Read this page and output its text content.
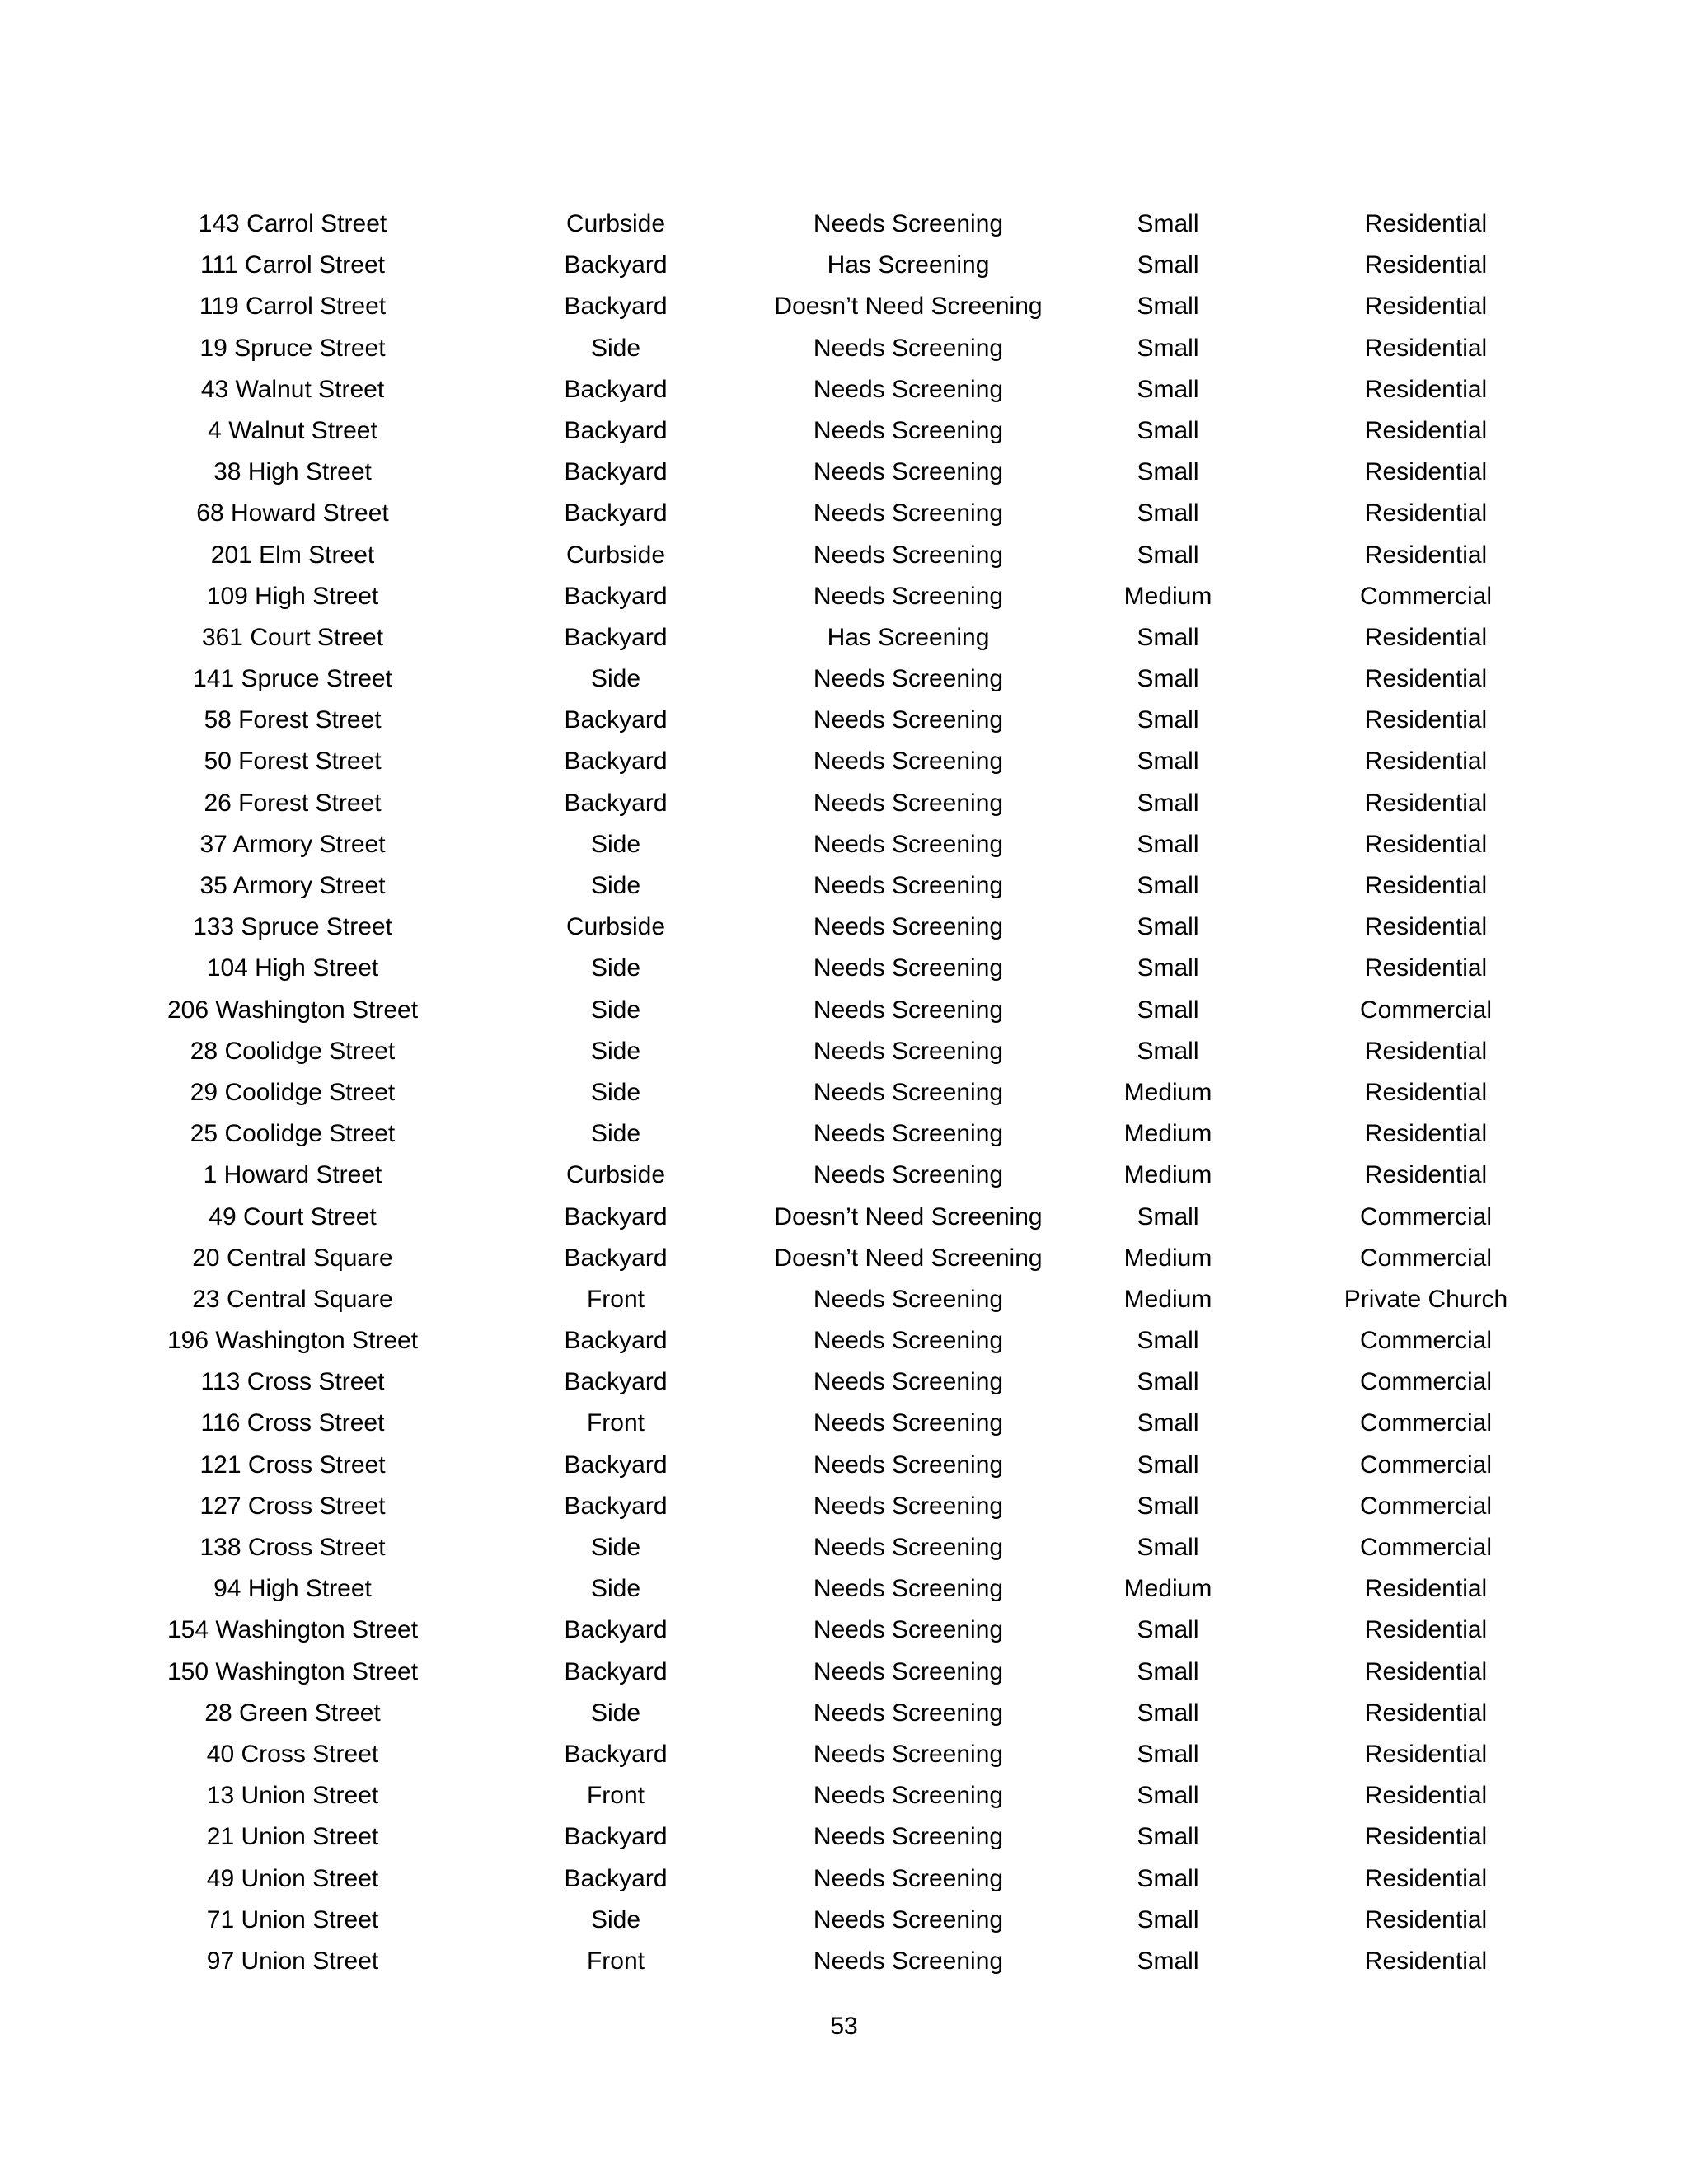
143 Carrol Street	Curbside	Needs Screening	Small	Residential
111 Carrol Street	Backyard	Has Screening	Small	Residential
119 Carrol Street	Backyard	Doesn’t Need Screening	Small	Residential
19 Spruce Street	Side	Needs Screening	Small	Residential
43 Walnut Street	Backyard	Needs Screening	Small	Residential
4 Walnut Street	Backyard	Needs Screening	Small	Residential
38 High Street	Backyard	Needs Screening	Small	Residential
68 Howard Street	Backyard	Needs Screening	Small	Residential
201 Elm Street	Curbside	Needs Screening	Small	Residential
109 High Street	Backyard	Needs Screening	Medium	Commercial
361 Court Street	Backyard	Has Screening	Small	Residential
141 Spruce Street	Side	Needs Screening	Small	Residential
58 Forest Street	Backyard	Needs Screening	Small	Residential
50 Forest Street	Backyard	Needs Screening	Small	Residential
26 Forest Street	Backyard	Needs Screening	Small	Residential
37 Armory Street	Side	Needs Screening	Small	Residential
35 Armory Street	Side	Needs Screening	Small	Residential
133 Spruce Street	Curbside	Needs Screening	Small	Residential
104 High Street	Side	Needs Screening	Small	Residential
206 Washington Street	Side	Needs Screening	Small	Commercial
28 Coolidge Street	Side	Needs Screening	Small	Residential
29 Coolidge Street	Side	Needs Screening	Medium	Residential
25 Coolidge Street	Side	Needs Screening	Medium	Residential
1 Howard Street	Curbside	Needs Screening	Medium	Residential
49 Court Street	Backyard	Doesn’t Need Screening	Small	Commercial
20 Central Square	Backyard	Doesn’t Need Screening	Medium	Commercial
23 Central Square	Front	Needs Screening	Medium	Private Church
196 Washington Street	Backyard	Needs Screening	Small	Commercial
113 Cross Street	Backyard	Needs Screening	Small	Commercial
116 Cross Street	Front	Needs Screening	Small	Commercial
121 Cross Street	Backyard	Needs Screening	Small	Commercial
127 Cross Street	Backyard	Needs Screening	Small	Commercial
138 Cross Street	Side	Needs Screening	Small	Commercial
94 High Street	Side	Needs Screening	Medium	Residential
154 Washington Street	Backyard	Needs Screening	Small	Residential
150 Washington Street	Backyard	Needs Screening	Small	Residential
28 Green Street	Side	Needs Screening	Small	Residential
40 Cross Street	Backyard	Needs Screening	Small	Residential
13 Union Street	Front	Needs Screening	Small	Residential
21 Union Street	Backyard	Needs Screening	Small	Residential
49 Union Street	Backyard	Needs Screening	Small	Residential
71 Union Street	Side	Needs Screening	Small	Residential
97 Union Street	Front	Needs Screening	Small	Residential
53
